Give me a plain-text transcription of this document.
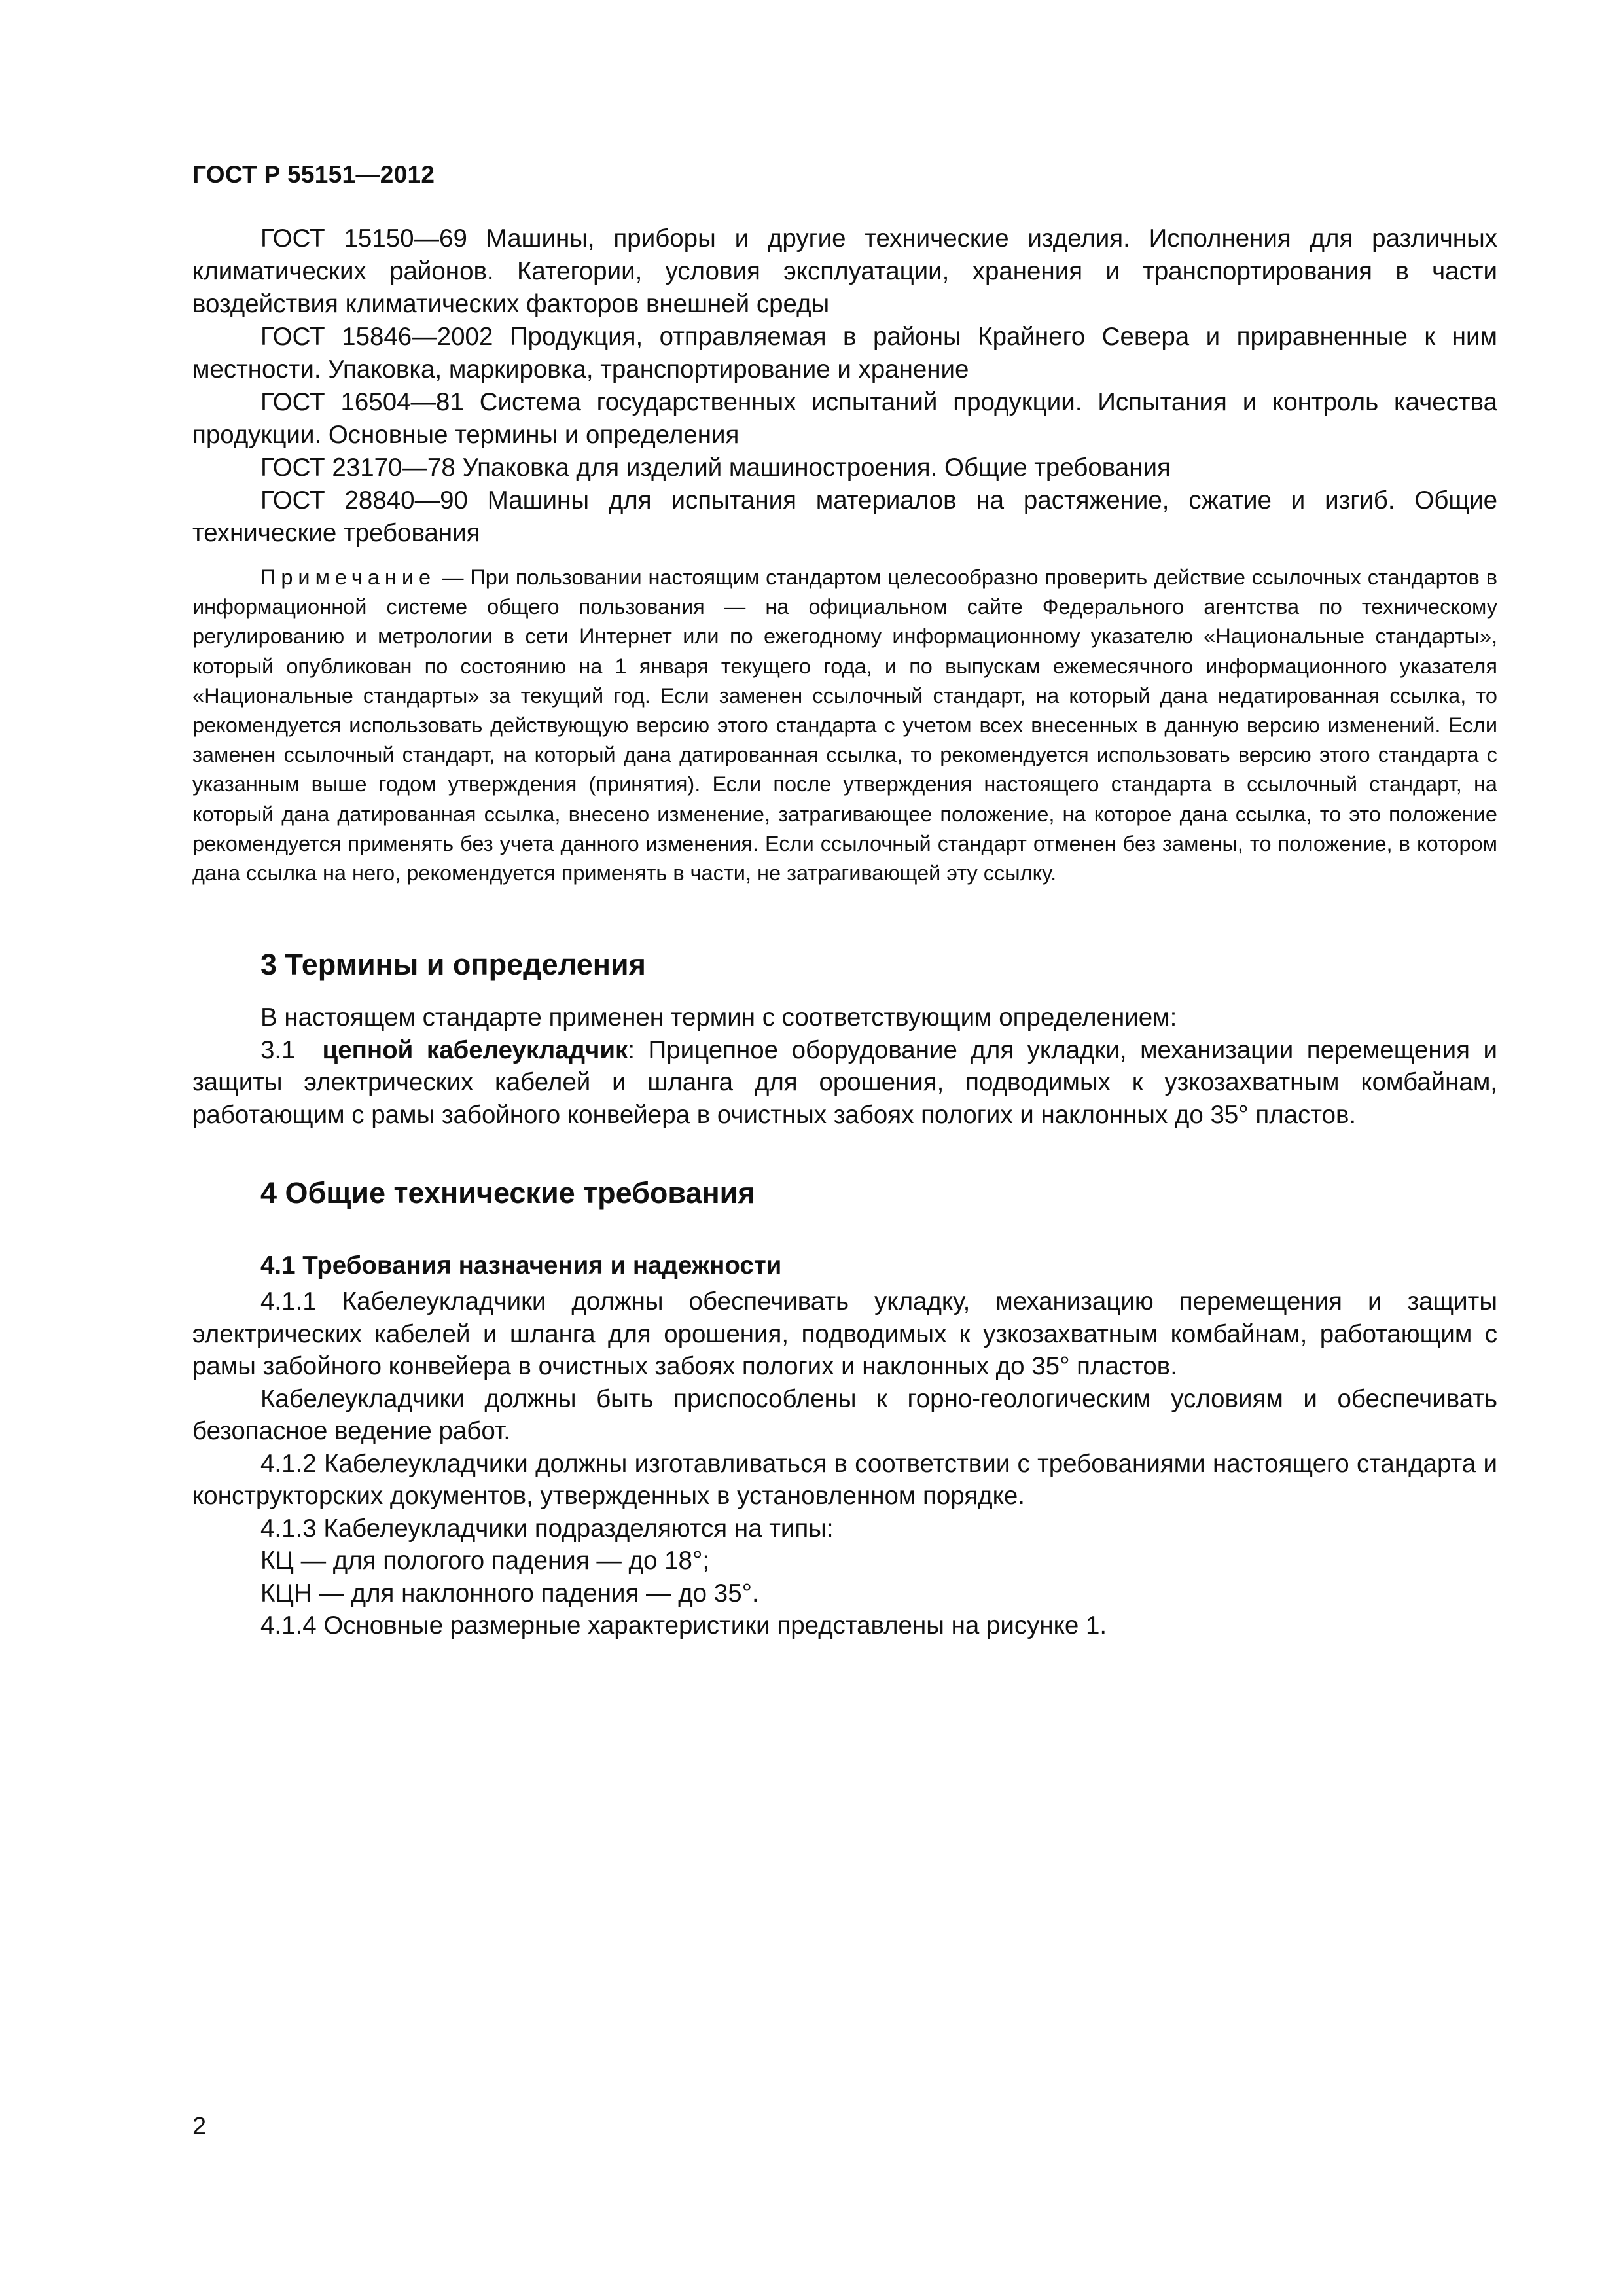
ГОСТ Р 55151—2012

ГОСТ 15150—69 Машины, приборы и другие технические изделия. Исполнения для различных климатических районов. Категории, условия эксплуатации, хранения и транспортирования в части воздействия климатических факторов внешней среды

ГОСТ 15846—2002 Продукция, отправляемая в районы Крайнего Севера и приравненные к ним местности. Упаковка, маркировка, транспортирование и хранение

ГОСТ 16504—81 Система государственных испытаний продукции. Испытания и контроль качества продукции. Основные термины и определения

ГОСТ 23170—78 Упаковка для изделий машиностроения. Общие требования

ГОСТ 28840—90 Машины для испытания материалов на растяжение, сжатие и изгиб. Общие технические требования

Примечание — При пользовании настоящим стандартом целесообразно проверить действие ссылочных стандартов в информационной системе общего пользования — на официальном сайте Федерального агентства по техническому регулированию и метрологии в сети Интернет или по ежегодному информационному указателю «Национальные стандарты», который опубликован по состоянию на 1 января текущего года, и по выпускам ежемесячного информационного указателя «Национальные стандарты» за текущий год. Если заменен ссылочный стандарт, на который дана недатированная ссылка, то рекомендуется использовать действующую версию этого стандарта с учетом всех внесенных в данную версию изменений. Если заменен ссылочный стандарт, на который дана датированная ссылка, то рекомендуется использовать версию этого стандарта с указанным выше годом утверждения (принятия). Если после утверждения настоящего стандарта в ссылочный стандарт, на который дана датированная ссылка, внесено изменение, затрагивающее положение, на которое дана ссылка, то это положение рекомендуется применять без учета данного изменения. Если ссылочный стандарт отменен без замены, то положение, в котором дана ссылка на него, рекомендуется применять в части, не затрагивающей эту ссылку.

3 Термины и определения

В настоящем стандарте применен термин с соответствующим определением:

3.1 цепной кабелеукладчик: Прицепное оборудование для укладки, механизации перемещения и защиты электрических кабелей и шланга для орошения, подводимых к узкозахватным комбайнам, работающим с рамы забойного конвейера в очистных забоях пологих и наклонных до 35° пластов.

4 Общие технические требования
4.1 Требования назначения и надежности

4.1.1 Кабелеукладчики должны обеспечивать укладку, механизацию перемещения и защиты электрических кабелей и шланга для орошения, подводимых к узкозахватным комбайнам, работающим с рамы забойного конвейера в очистных забоях пологих и наклонных до 35° пластов.

Кабелеукладчики должны быть приспособлены к горно-геологическим условиям и обеспечивать безопасное ведение работ.

4.1.2 Кабелеукладчики должны изготавливаться в соответствии с требованиями настоящего стандарта и конструкторских документов, утвержденных в установленном порядке.

4.1.3 Кабелеукладчики подразделяются на типы:

КЦ — для пологого падения — до 18°;

КЦН — для наклонного падения — до 35°.

4.1.4 Основные размерные характеристики представлены на рисунке 1.

2
